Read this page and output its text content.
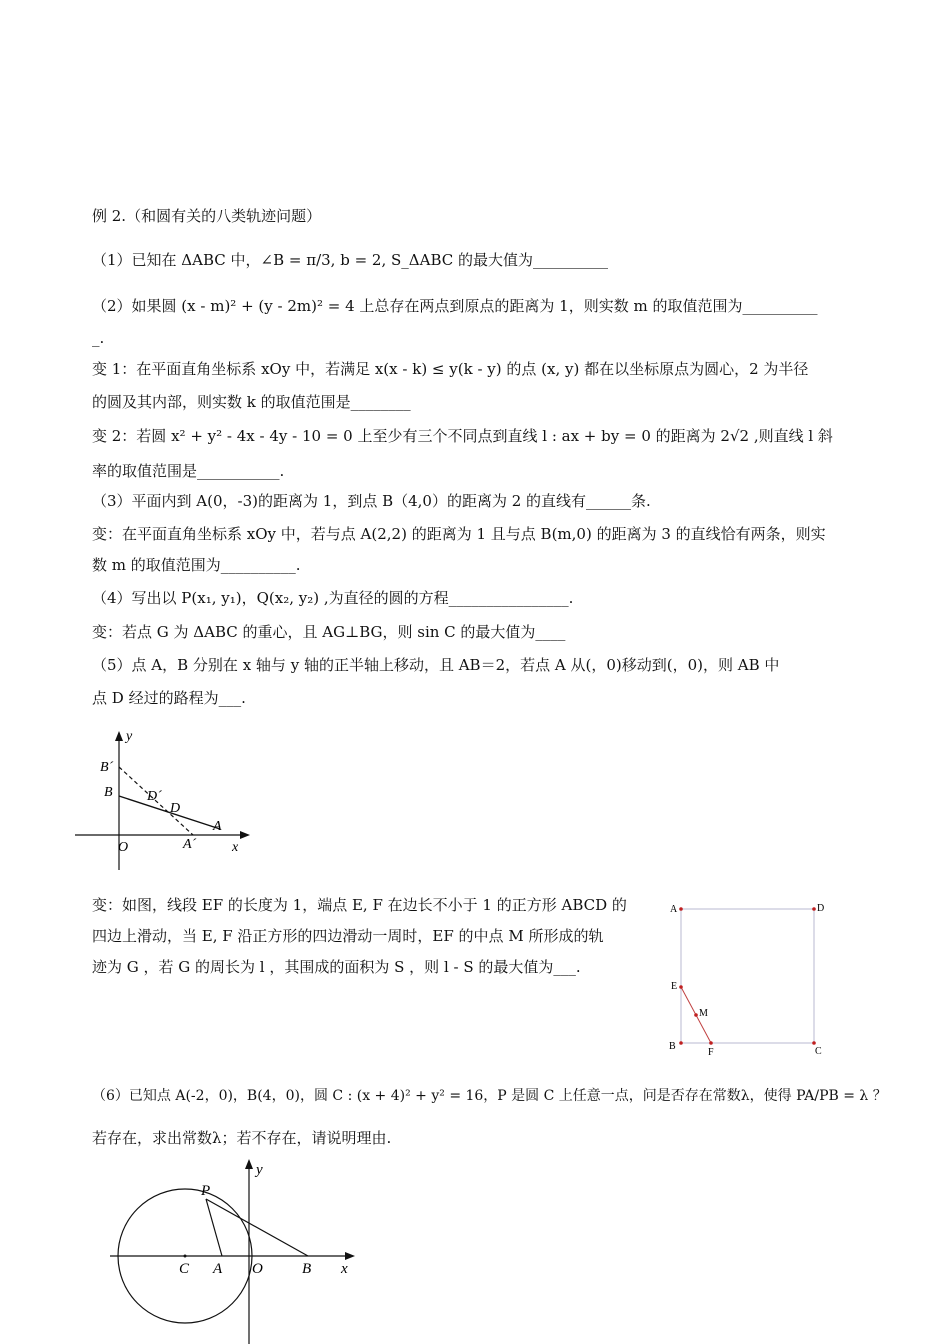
例 2.（和圆有关的八类轨迹问题）
（1）已知在 ΔABC 中，∠B = π/3, b = 2, S_ΔABC 的最大值为__________
（2）如果圆 (x - m)² + (y - 2m)² = 4 上总存在两点到原点的距离为 1，则实数 m 的取值范围为__________
_.
变 1：在平面直角坐标系 xOy 中，若满足 x(x - k) ≤ y(k - y) 的点 (x, y) 都在以坐标原点为圆心，2 为半径
的圆及其内部，则实数 k 的取值范围是________
变 2：若圆 x² + y² - 4x - 4y - 10 = 0 上至少有三个不同点到直线 l : ax + by = 0 的距离为 2√2 ,则直线 l 斜
率的取值范围是___________.
（3）平面内到 A(0，-3)的距离为 1，到点 B（4,0）的距离为 2 的直线有______条.
变：在平面直角坐标系 xOy 中，若与点 A(2,2) 的距离为 1 且与点 B(m,0) 的距离为 3 的直线恰有两条，则实
数 m 的取值范围为__________.
（4）写出以 P(x₁, y₁)，Q(x₂, y₂) ,为直径的圆的方程________________.
变：若点 G 为 ΔABC 的重心，且 AG⊥BG，则 sin C 的最大值为____
（5）点 A，B 分别在 x 轴与 y 轴的正半轴上移动，且 AB＝2，若点 A 从(，0)移动到(，0)，则 AB 中
点 D 经过的路程为___.
变：如图，线段 EF 的长度为 1，端点 E, F 在边长不小于 1 的正方形 ABCD 的
四边上滑动，当 E, F 沿正方形的四边滑动一周时，EF 的中点 M 所形成的轨
迹为 G ，若 G 的周长为 l ，其围成的面积为 S ，则 l - S 的最大值为___.
（6）已知点 A(-2，0)，B(4，0)，圆 C : (x + 4)² + y² = 16，P 是圆 C 上任意一点，问是否存在常数λ，使得 PA/PB = λ ？
若存在，求出常数λ；若不存在，请说明理由.
y
x
O
B´
B D´
D
A
A´
A	D
E
M
B
F	C
y
x
P
C A O	B
